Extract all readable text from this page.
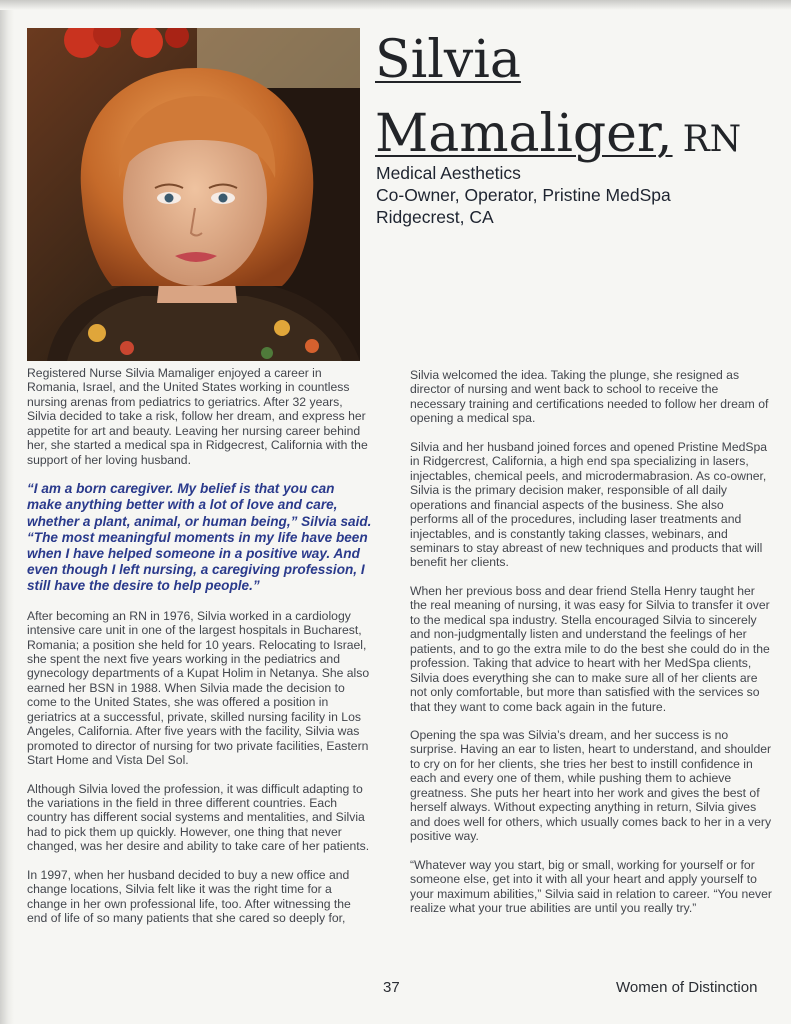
Silvia
Mamaliger, RN
Medical Aesthetics
Co-Owner, Operator, Pristine MedSpa
Ridgecrest, CA

Registered Nurse Silvia Mamaliger enjoyed a career in Romania, Israel, and the United States working in countless nursing arenas from pediatrics to geriatrics. After 32 years, Silvia decided to take a risk, follow her dream, and express her appetite for art and beauty. Leaving her nursing career behind her, she started a medical spa in Ridgecrest, California with the support of her loving husband.

“I am a born caregiver. My belief is that you can make anything better with a lot of love and care, whether a plant, animal, or human being,” Silvia said. “The most meaningful moments in my life have been when I have helped someone in a positive way. And even though I left nursing, a caregiving profession, I still have the desire to help people.”

After becoming an RN in 1976, Silvia worked in a cardiology intensive care unit in one of the largest hospitals in Bucharest, Romania; a position she held for 10 years. Relocating to Israel, she spent the next five years working in the pediatrics and gynecology departments of a Kupat Holim in Netanya. She also earned her BSN in 1988. When Silvia made the decision to come to the United States, she was offered a position in geriatrics at a successful, private, skilled nursing facility in Los Angeles, California. After five years with the facility, Silvia was promoted to director of nursing for two private facilities, Eastern Start Home and Vista Del Sol.

Although Silvia loved the profession, it was difficult adapting to the variations in the field in three different countries. Each country has different social systems and mentalities, and Silvia had to pick them up quickly. However, one thing that never changed, was her desire and ability to take care of her patients.

In 1997, when her husband decided to buy a new office and change locations, Silvia felt like it was the right time for a change in her own professional life, too. After witnessing the end of life of so many patients that she cared so deeply for,

Silvia welcomed the idea. Taking the plunge, she resigned as director of nursing and went back to school to receive the necessary training and certifications needed to follow her dream of opening a medical spa.

Silvia and her husband joined forces and opened Pristine MedSpa in Ridgercrest, California, a high end spa specializing in lasers, injectables, chemical peels, and microdermabrasion. As co-owner, Silvia is the primary decision maker, responsible of all daily operations and financial aspects of the business. She also performs all of the procedures, including laser treatments and injectables, and is constantly taking classes, webinars, and seminars to stay abreast of new techniques and products that will benefit her clients.

When her previous boss and dear friend Stella Henry taught her the real meaning of nursing, it was easy for Silvia to transfer it over to the medical spa industry. Stella encouraged Silvia to sincerely and non-judgmentally listen and understand the feelings of her patients, and to go the extra mile to do the best she could do in the profession. Taking that advice to heart with her MedSpa clients, Silvia does everything she can to make sure all of her clients are not only comfortable, but more than satisfied with the services so that they want to come back again in the future.

Opening the spa was Silvia’s dream, and her success is no surprise. Having an ear to listen, heart to understand, and shoulder to cry on for her clients, she tries her best to instill confidence in each and every one of them, while pushing them to achieve greatness. She puts her heart into her work and gives the best of herself always. Without expecting anything in return, Silvia gives and does well for others, which usually comes back to her in a very positive way.

“Whatever way you start, big or small, working for yourself or for someone else, get into it with all your heart and apply yourself to your maximum abilities,” Silvia said in relation to career. “You never realize what your true abilities are until you really try.”

37	Women of Distinction
